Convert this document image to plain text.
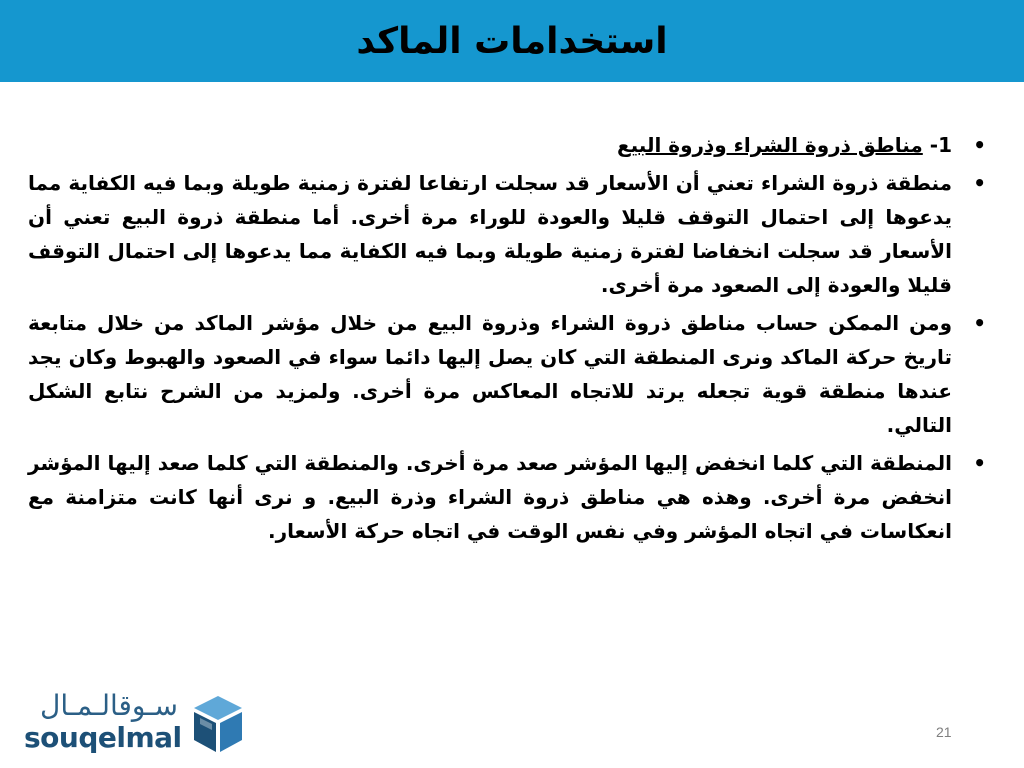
استخدامات الماكد
• 1- مناطق ذروة الشراء وذروة البيع
• منطقة ذروة الشراء تعني أن الأسعار قد سجلت ارتفاعا لفترة زمنية طويلة وبما فيه الكفاية مما يدعوها إلى احتمال التوقف قليلا والعودة للوراء مرة أخرى. أما منطقة ذروة البيع تعني أن الأسعار قد سجلت انخفاضا لفترة زمنية طويلة وبما فيه الكفاية مما يدعوها إلى احتمال التوقف قليلا والعودة إلى الصعود مرة أخرى.
• ومن الممكن حساب مناطق ذروة الشراء وذروة البيع من خلال مؤشر الماكد من خلال متابعة تاريخ حركة الماكد ونرى المنطقة التي كان يصل إليها دائما سواء في الصعود والهبوط وكان يجد عندها منطقة قوية تجعله يرتد للاتجاه المعاكس مرة أخرى. ولمزيد من الشرح نتابع الشكل التالي.
• المنطقة التي كلما انخفض إليها المؤشر صعد مرة أخرى. والمنطقة التي كلما صعد إليها المؤشر انخفض مرة أخرى. وهذه هي مناطق ذروة الشراء وذرة البيع. و نرى أنها كانت متزامنة مع انعكاسات في اتجاه المؤشر وفي نفس الوقت في اتجاه حركة الأسعار.
سـوقالـمـال
souqelmal	21
